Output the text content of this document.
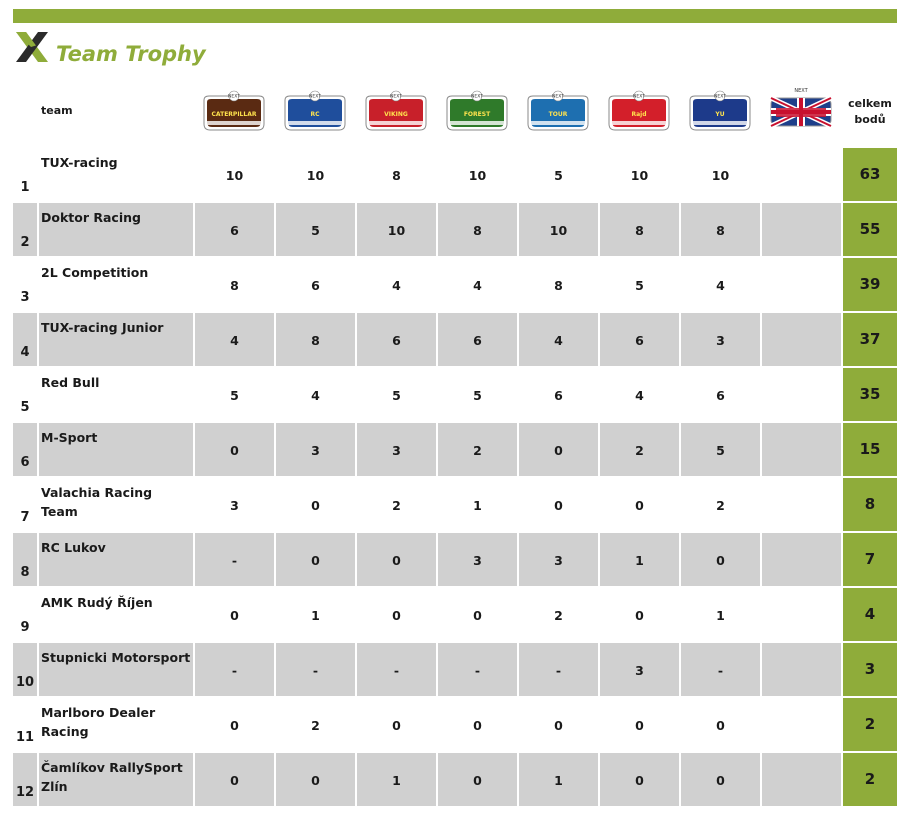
Team Trophy
team
celkem
bodů
NEXT
CATERPILLAR
NEXT
RC
NEXT
VIKING
NEXT
FOREST
NEXT
TOUR
NEXT
Rajd
NEXT
YU
NEXT
1
TUX-racing
10	10	8	10	5	10	10	63
2
Doktor Racing
6	5	10	8	10	8	8	55
3
2L Competition
8	6	4	4	8	5	4	39
4
TUX-racing Junior
4	8	6	6	4	6	3	37
5
Red Bull
5	4	5	5	6	4	6	35
6
M-Sport
0	3	3	2	0	2	5	15
7
Valachia Racing Team	3	0	2	1	0	0	2	8
8
RC Lukov
-	0	0	3	3	1	0	7
9
AMK Rudý Říjen
0	1	0	0	2	0	1	4
10
Stupnicki Motorsport
-	-	-	-	-	3	-	3
11
Marlboro Dealer
Racing	0	2	0	0	0	0	0	2
12
Čamlíkov RallySport
Zlín	0	0	1	0	1	0	0	2
